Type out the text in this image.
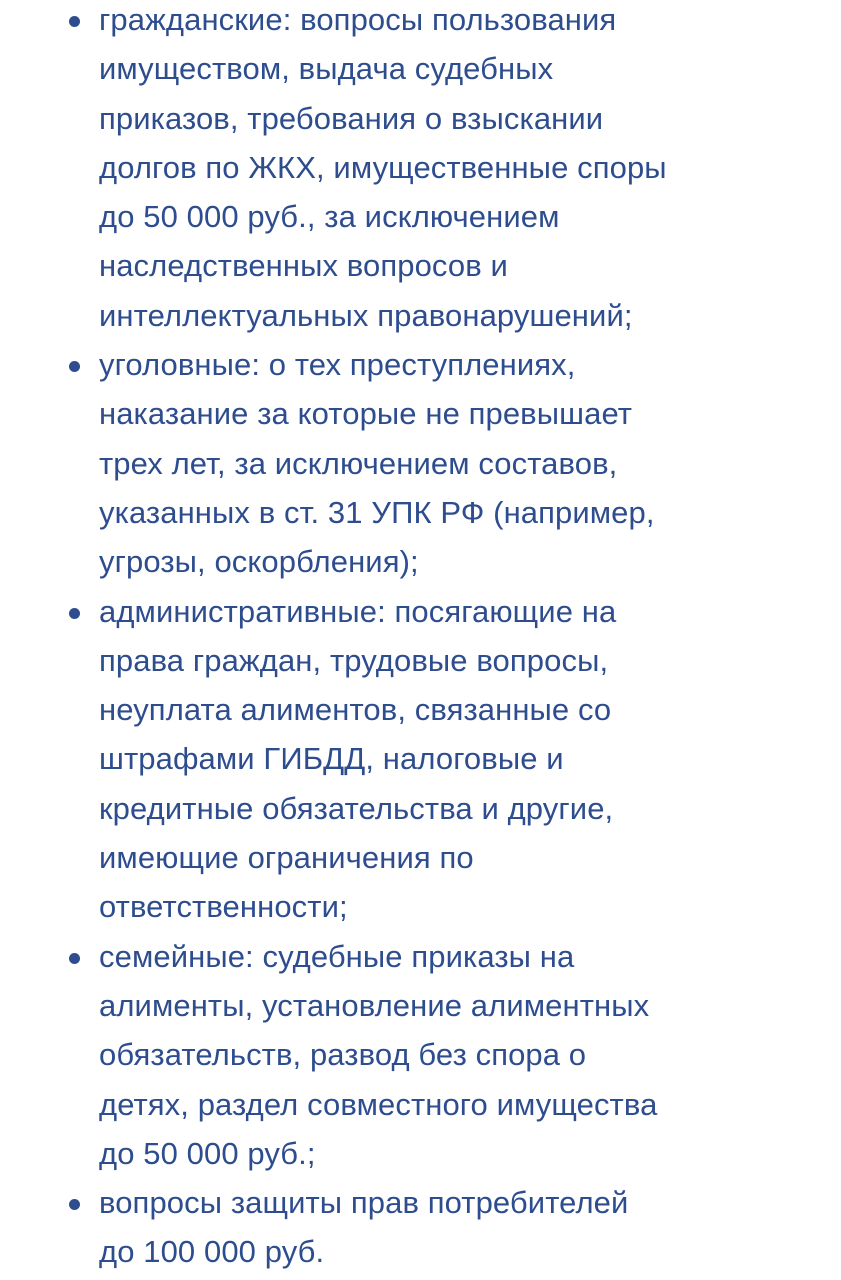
гражданские: вопросы пользования
имуществом, выдача судебных
приказов, требования о взыскании
долгов по ЖКХ, имущественные споры
до 50 000 руб., за исключением
наследственных вопросов и
интеллектуальных правонарушений;
уголовные: о тех преступлениях,
наказание за которые не превышает
трех лет, за исключением составов,
указанных в ст. 31 УПК РФ (например,
угрозы, оскорбления);
административные: посягающие на
права граждан, трудовые вопросы,
неуплата алиментов, связанные со
штрафами ГИБДД, налоговые и
кредитные обязательства и другие,
имеющие ограничения по
ответственности;
семейные: судебные приказы на
алименты, установление алиментных
обязательств, развод без спора о
детях, раздел совместного имущества
до 50 000 руб.;
вопросы защиты прав потребителей
до 100 000 руб.
